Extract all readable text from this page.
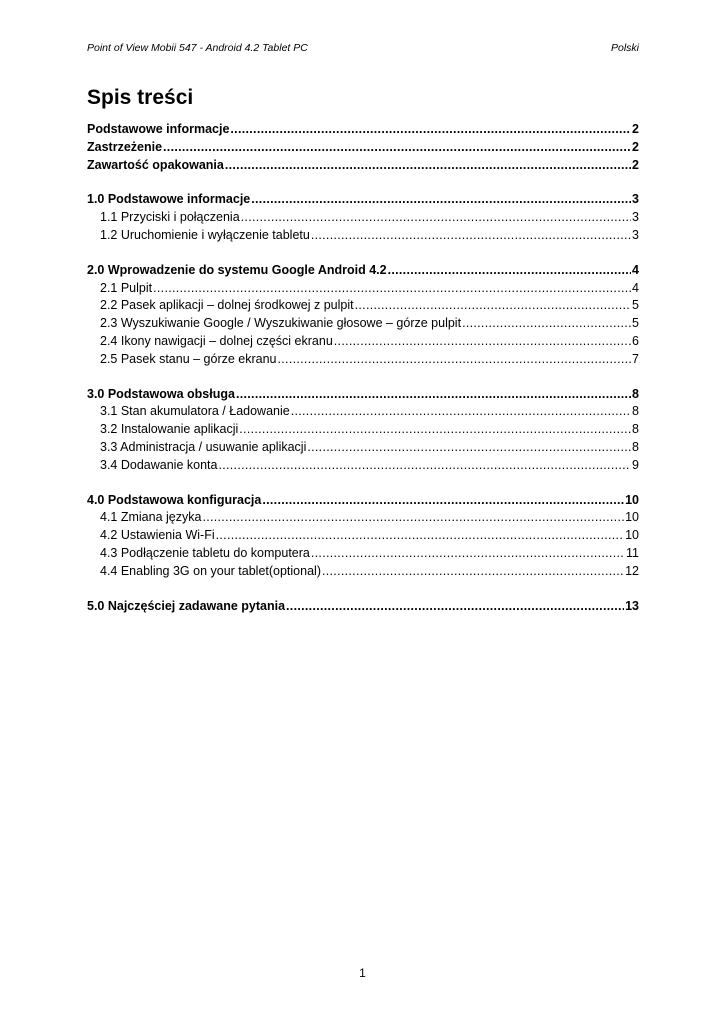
Point of View Mobii 547 - Android 4.2 Tablet PC	Polski
Spis treści
Podstawowe informacje .....	2
Zastrzeżenie .....	2
Zawartość opakowania .....	2
1.0 Podstawowe informacje .....	3
1.1 Przyciski i połączenia .....	3
1.2 Uruchomienie i wyłączenie tabletu .....	3
2.0 Wprowadzenie do systemu Google Android 4.2 .....	4
2.1 Pulpit .....	4
2.2 Pasek aplikacji – dolnej środkowej z pulpit .....	5
2.3 Wyszukiwanie Google / Wyszukiwanie głosowe – górze pulpit .....	5
2.4 Ikony nawigacji – dolnej części ekranu .....	6
2.5 Pasek stanu – górze ekranu .....	7
3.0 Podstawowa obsługa .....	8
3.1 Stan akumulatora / Ładowanie .....	8
3.2 Instalowanie aplikacji .....	8
3.3 Administracja / usuwanie aplikacji .....	8
3.4 Dodawanie konta .....	9
4.0 Podstawowa konfiguracja .....	10
4.1 Zmiana języka .....	10
4.2 Ustawienia Wi-Fi .....	10
4.3 Podłączenie tabletu do komputera .....	11
4.4 Enabling 3G on your tablet(optional) .....	12
5.0 Najczęściej zadawane pytania .....	13
1
